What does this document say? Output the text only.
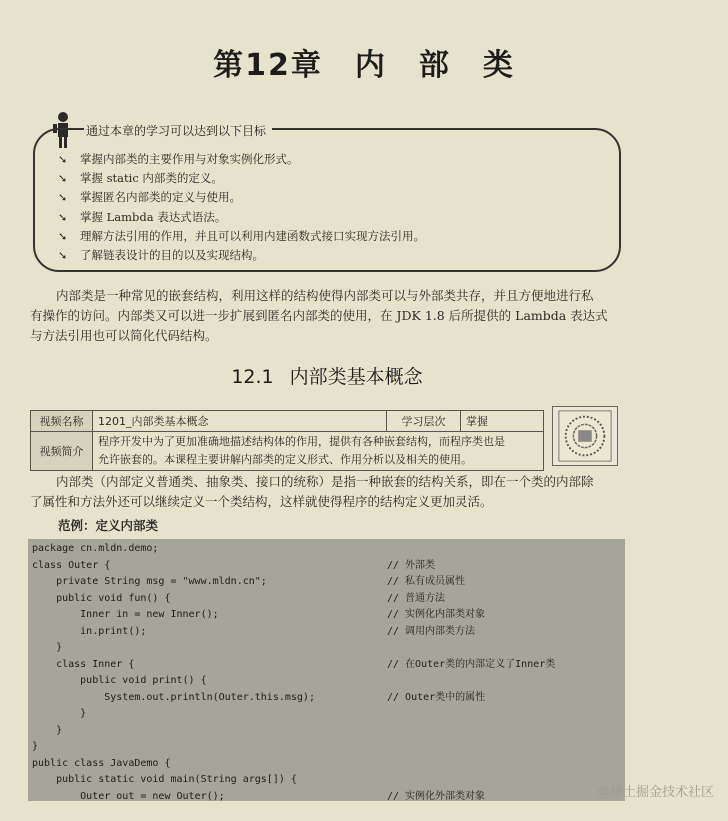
第12章　内　部　类
通过本章的学习可以达到以下目标
➘ 掌握内部类的主要作用与对象实例化形式。
➘ 掌握 static 内部类的定义。
➘ 掌握匿名内部类的定义与使用。
➘ 掌握 Lambda 表达式语法。
➘ 理解方法引用的作用，并且可以利用内建函数式接口实现方法引用。
➘ 了解链表设计的目的以及实现结构。
内部类是一种常见的嵌套结构，利用这样的结构使得内部类可以与外部类共存，并且方便地进行私
有操作的访问。内部类又可以进一步扩展到匿名内部类的使用，在 JDK 1.8 后所提供的 Lambda 表达式
与方法引用也可以简化代码结构。
12.1 内部类基本概念
视频名称	1201_内部类基本概念	学习层次	掌握
视频简介	程序开发中为了更加准确地描述结构体的作用，提供有各种嵌套结构，而程序类也是
允许嵌套的。本课程主要讲解内部类的定义形式、作用分析以及相关的使用。		
内部类（内部定义普通类、抽象类、接口的统称）是指一种嵌套的结构关系，即在一个类的内部除
了属性和方法外还可以继续定义一个类结构，这样就使得程序的结构定义更加灵活。
范例：定义内部类
package cn.mldn.demo;
class Outer {	// 外部类
private String msg = "www.mldn.cn";	// 私有成员属性
public void fun() {	// 普通方法
Inner in = new Inner();	// 实例化内部类对象
in.print();	// 调用内部类方法
}
class Inner {	// 在Outer类的内部定义了Inner类
public void print() {
System.out.println(Outer.this.msg);	// Outer类中的属性
}
}
}
public class JavaDemo {
public static void main(String args[]) {
Outer out = new Outer();	// 实例化外部类对象	@稀土掘金技术社区
